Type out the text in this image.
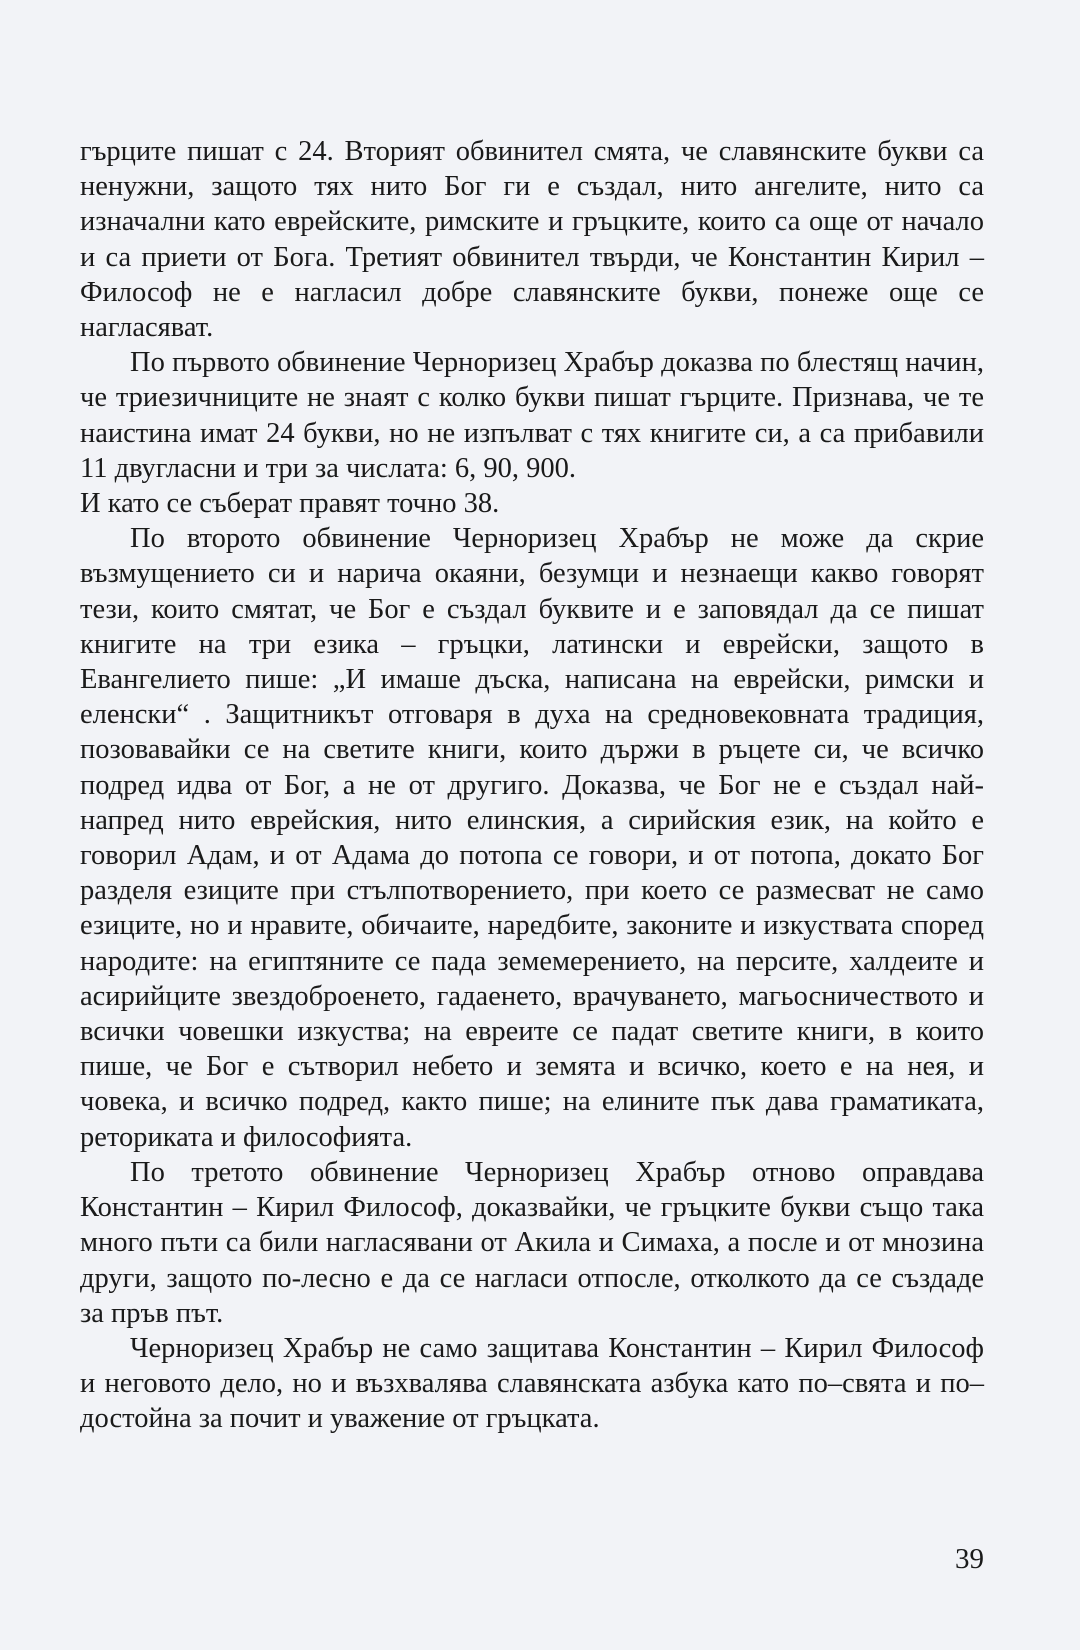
гърците пишат с 24. Вторият обвинител смята, че славянските букви са ненужни, защото тях нито Бог ги е създал, нито ангелите, нито са изначални като еврейските, римските и гръцките, които са още от начало и са приети от Бога. Третият обвинител твърди, че Константин Кирил – Философ не е нагласил добре славянските букви, понеже още се нагласяват.

По първото обвинение Черноризец Храбър доказва по блестящ начин, че триезичниците не знаят с колко букви пишат гърците. Признава, че те наистина имат 24 букви, но не изпълват с тях книгите си, а са прибавили 11 двугласни и три за числата: 6, 90, 900.

И като се съберат правят точно 38.

По второто обвинение Черноризец Храбър не може да скрие възмущението си и нарича окаяни, безумци и незнаещи какво говорят тези, които смятат, че Бог е създал буквите и е заповядал да се пишат книгите на три езика – гръцки, латински и еврейски, защото в Евангелието пише: „И имаше дъска, написана на еврейски, римски и еленски“ . Защитникът отговаря в духа на средновековната традиция, позовавайки се на светите книги, които държи в ръцете си, че всичко подред идва от Бог, а не от другиго. Доказва, че Бог не е създал най-напред нито еврейския, нито елинския, а сирийския език, на който е говорил Адам, и от Адама до потопа се говори, и от потопа, докато Бог разделя езиците при стълпотворението, при което се размесват не само езиците, но и нравите, обичаите, наредбите, законите и изкуствата според народите: на египтяните се пада земемерението, на персите, халдеите и асирийците звездоброенето, гадаенето, врачуването, магьосничеството и всички човешки изкуства; на евреите се падат светите книги, в които пише, че Бог е сътворил небето и земята и всичко, което е на нея, и човека, и всичко подред, както пише; на елините пък дава граматиката, реториката и философията.

По третото обвинение Черноризец Храбър отново оправдава Константин – Кирил Философ, доказвайки, че гръцките букви също така много пъти са били нагласявани от Акила и Симаха, а после и от мнозина други, защото по-лесно е да се нагласи отпосле, отколкото да се създаде за пръв път.

Черноризец Храбър не само защитава Константин – Кирил Философ и неговото дело, но и възхвалява славянската азбука като по–свята и по–достойна за почит и уважение от гръцката.

39
